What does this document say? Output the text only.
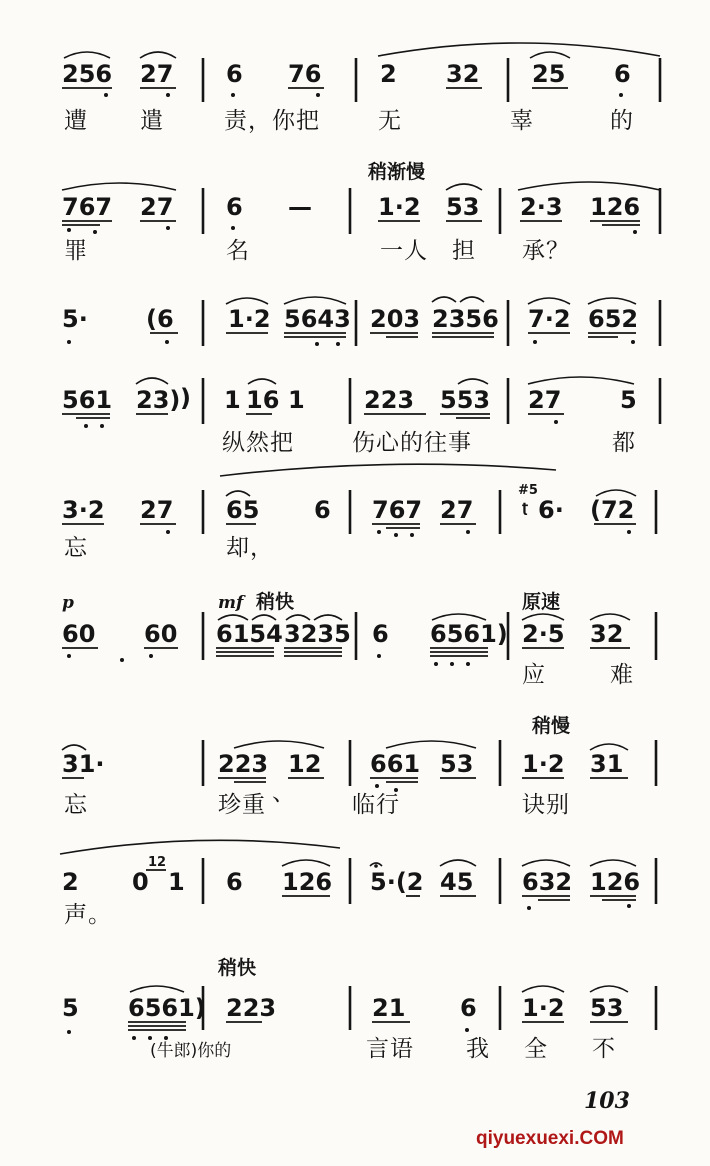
256 27 6 76 2 32 25 6
遭 遣	责，你把	无	辜	的
稍渐慢
767 27 6 —	1·2 53 2·3 126
罪	名	一人 担 承？
5· (6 1·2 5643 203 2356 7·2 652
561 23) 1 16 1 223 553 27 5
)
纵然把	伤心的往事	都
3·2 27 65 6 767 27	6· (72
#5
ʈ
忘	却，
p	mf 稍快	原速
60 60 6154 3235 6 6561) 2·5 32
应	难
稍慢
31·	223 12 661 53 1·2 31
忘	珍重 、 临行	诀别
2 0 1 6 126 5·(2 45 632 126
12
声。
稍快
5 6561) 223	21 6 1·2 53
(牛郎)你的	言语 我 全 不
103
qiyuexuexi.COM
